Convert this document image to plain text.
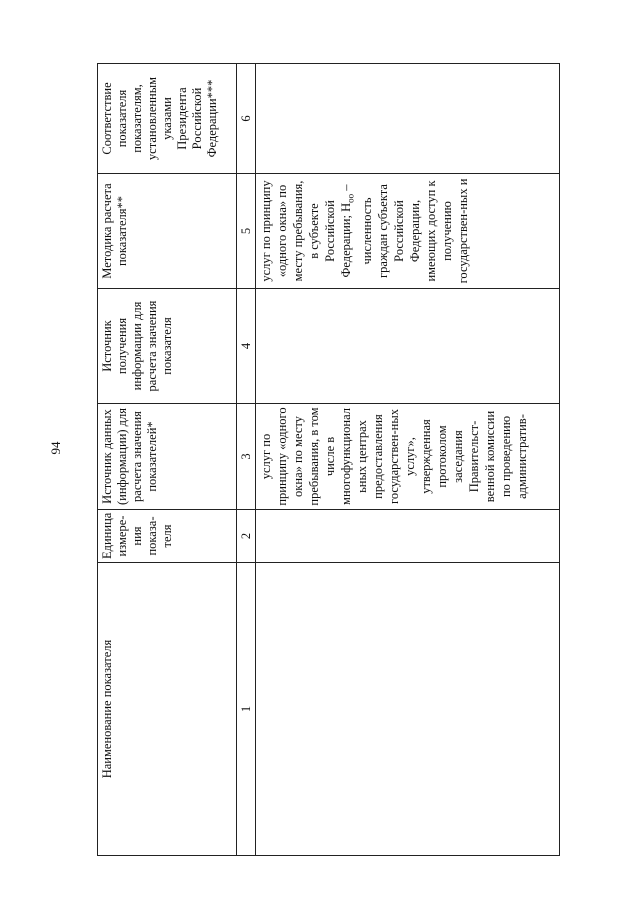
94
Наименование показателя	Единица измере-ния показа-теля	Источник данных (информации) для расчета значения показателей*	Источник получения информации для расчета значения показателя	Методика расчета показателя**	Соответствие показателя показателям, установленным указами Президента Российской Федерации***
1	2	3	4	5	6
		услуг по принципу «одного окна» по месту пребывания, в том числе в многофункционал ьных центрах предоставления государствен-ных услуг», утвержденная протоколом заседания Правительст-венной комиссии по проведению административ-		услуг по принципу «одного окна» по месту пребывания, в субъекте Российской Федерации; $Н_{оо}$ – численность граждан субъекта Российской Федерации, имеющих доступ к получению государствен-ных и	
